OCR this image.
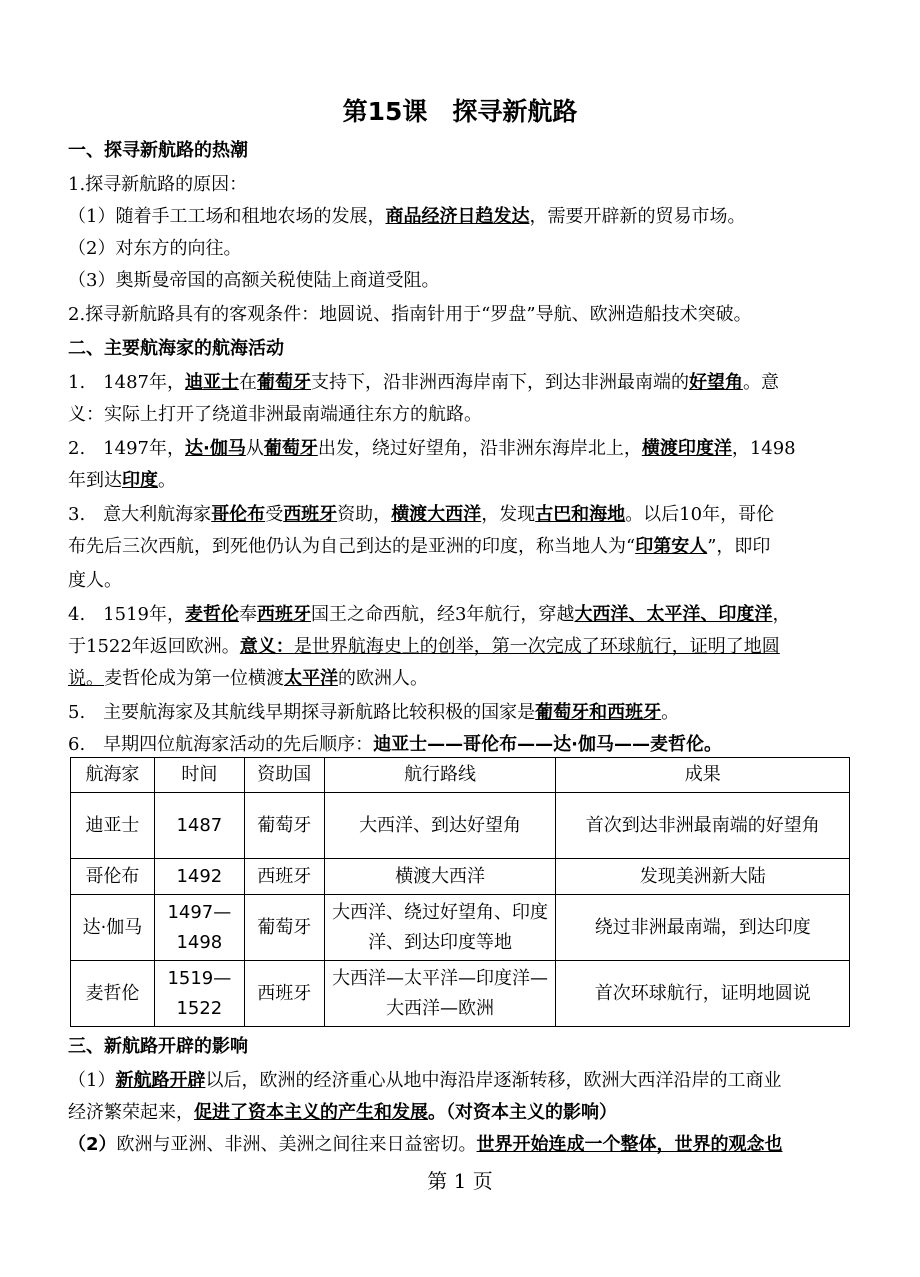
第15课　探寻新航路
一、探寻新航路的热潮
1.探寻新航路的原因：
（1）随着手工工场和租地农场的发展，商品经济日趋发达，需要开辟新的贸易市场。
（2）对东方的向往。
（3）奥斯曼帝国的高额关税使陆上商道受阻。
2.探寻新航路具有的客观条件：地圆说、指南针用于“罗盘”导航、欧洲造船技术突破。
二、主要航海家的航海活动
1.　1487年，迪亚士在葡萄牙支持下，沿非洲西海岸南下，到达非洲最南端的好望角。意
义：实际上打开了绕道非洲最南端通往东方的航路。
2.　1497年，达·伽马从葡萄牙出发，绕过好望角，沿非洲东海岸北上，横渡印度洋，1498
年到达印度。
3.　意大利航海家哥伦布受西班牙资助，横渡大西洋，发现古巴和海地。以后10年，哥伦
布先后三次西航，到死他仍认为自己到达的是亚洲的印度，称当地人为“印第安人”，即印
度人。
4.　1519年，麦哲伦奉西班牙国王之命西航，经3年航行，穿越大西洋、太平洋、印度洋，
于1522年返回欧洲。意义：是世界航海史上的创举，第一次完成了环球航行，证明了地圆
说。麦哲伦成为第一位横渡太平洋的欧洲人。
5.　主要航海家及其航线早期探寻新航路比较积极的国家是葡萄牙和西班牙。
6.　早期四位航海家活动的先后顺序：迪亚士——哥伦布——达·伽马——麦哲伦。
航海家	时间	资助国	航行路线	成果
迪亚士	1487	葡萄牙	大西洋、到达好望角	首次到达非洲最南端的好望角
哥伦布	1492	西班牙	横渡大西洋	发现美洲新大陆
达·伽马	1497—1498	葡萄牙	大西洋、绕过好望角、印度洋、到达印度等地	绕过非洲最南端，到达印度
麦哲伦	1519—1522	西班牙	大西洋—太平洋—印度洋—大西洋—欧洲	首次环球航行，证明地圆说
三、新航路开辟的影响
（1）新航路开辟以后，欧洲的经济重心从地中海沿岸逐渐转移，欧洲大西洋沿岸的工商业
经济繁荣起来，促进了资本主义的产生和发展。（对资本主义的影响）
（2）欧洲与亚洲、非洲、美洲之间往来日益密切。世界开始连成一个整体，世界的观念也
第 1 页
